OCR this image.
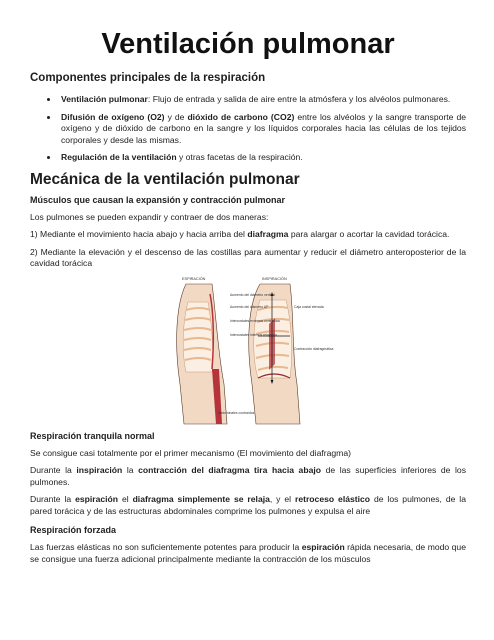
Ventilación pulmonar
Componentes principales de la respiración
• Ventilación pulmonar: Flujo de entrada y salida de aire entre la atmósfera y los alvéolos pulmonares.
• Difusión de oxígeno (O2) y de dióxido de carbono (CO2) entre los alvéolos y la sangre transporte de oxígeno y de dióxido de carbono en la sangre y los líquidos corporales hacia las células de los tejidos corporales y desde las mismas.
• Regulación de la ventilación y otras facetas de la respiración.
Mecánica de la ventilación pulmonar
Músculos que causan la expansión y contracción pulmonar

Los pulmones se pueden expandir y contraer de dos maneras:

1) Mediante el movimiento hacia abajo y hacia arriba del diafragma para alargar o acortar la cavidad torácica.

2) Mediante la elevación y el descenso de las costillas para aumentar y reducir el diámetro anteroposterior de la cavidad torácica

ESPIRACIÓN	INSPIRACIÓN
Abdominales contraídos
Aumento del diámetro vertical
Aumento del diámetro AP
Intercostales externos contraídos
Intercostales internos relajados
Caja costal elevada
Contracción diafragmática
Respiración tranquila normal

Se consigue casi totalmente por el primer mecanismo (El movimiento del diafragma)

Durante la inspiración la contracción del diafragma tira hacia abajo de las superficies inferiores de los pulmones.

Durante la espiración el diafragma simplemente se relaja, y el retroceso elástico de los pulmones, de la pared torácica y de las estructuras abdominales comprime los pulmones y expulsa el aire

Respiración forzada

Las fuerzas elásticas no son suficientemente potentes para producir la espiración rápida necesaria, de modo que se consigue una fuerza adicional principalmente mediante la contracción de los músculos
